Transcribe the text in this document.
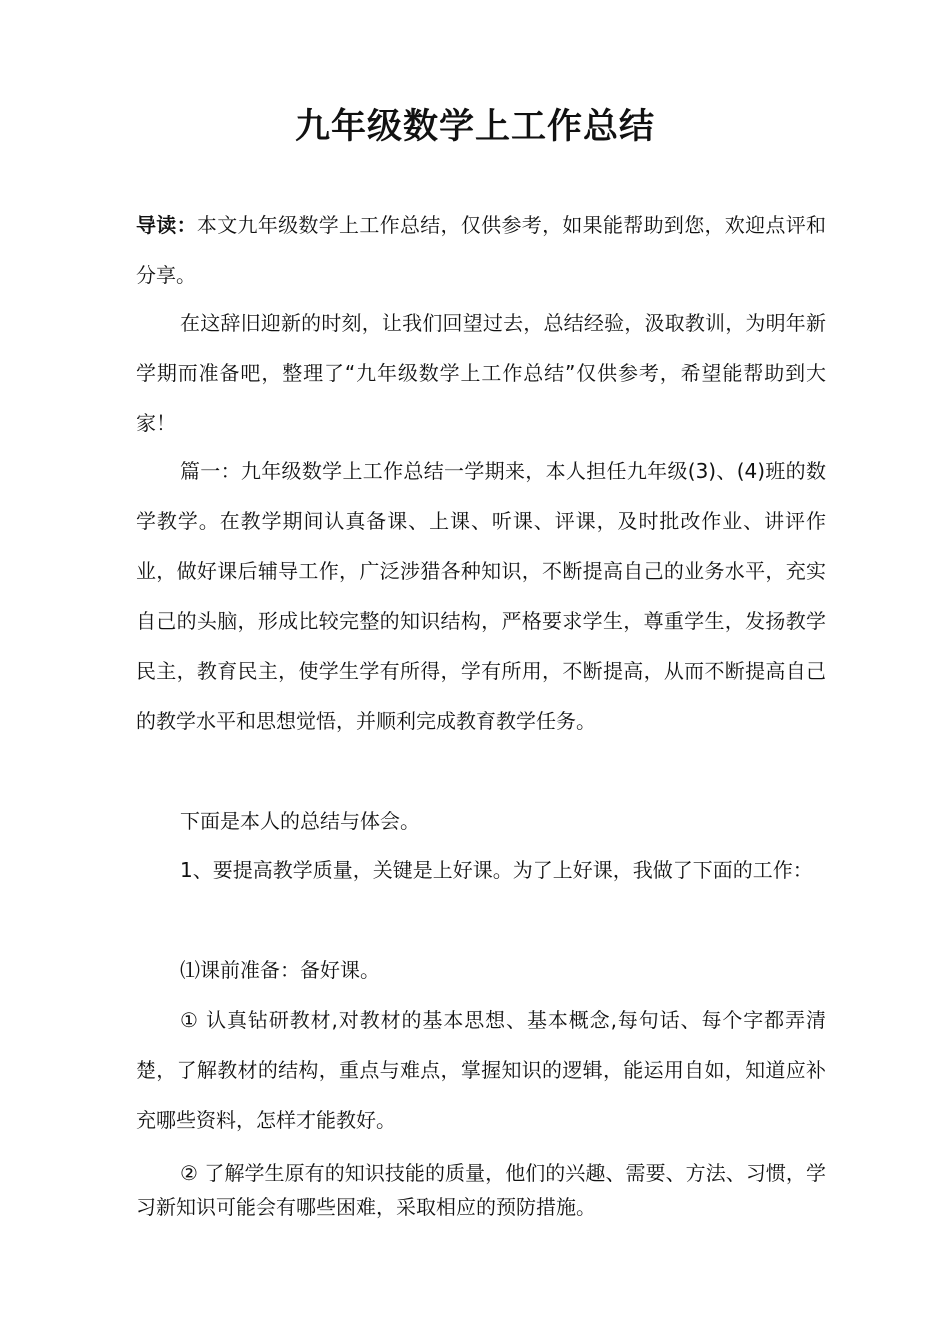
九年级数学上工作总结

导读：本文九年级数学上工作总结，仅供参考，如果能帮助到您，欢迎点评和分享。

在这辞旧迎新的时刻，让我们回望过去，总结经验，汲取教训，为明年新学期而准备吧，整理了“九年级数学上工作总结”仅供参考，希望能帮助到大家！

篇一：九年级数学上工作总结一学期来，本人担任九年级(3)、(4)班的数学教学。在教学期间认真备课、上课、听课、评课，及时批改作业、讲评作业，做好课后辅导工作，广泛涉猎各种知识，不断提高自己的业务水平，充实自己的头脑，形成比较完整的知识结构，严格要求学生，尊重学生，发扬教学民主，教育民主，使学生学有所得，学有所用，不断提高，从而不断提高自己的教学水平和思想觉悟，并顺利完成教育教学任务。

下面是本人的总结与体会。

1、要提高教学质量，关键是上好课。为了上好课，我做了下面的工作：

⑴课前准备：备好课。

① 认真钻研教材,对教材的基本思想、基本概念,每句话、每个字都弄清楚，了解教材的结构，重点与难点，掌握知识的逻辑，能运用自如，知道应补充哪些资料，怎样才能教好。

② 了解学生原有的知识技能的质量，他们的兴趣、需要、方法、习惯，学习新知识可能会有哪些困难，采取相应的预防措施。
